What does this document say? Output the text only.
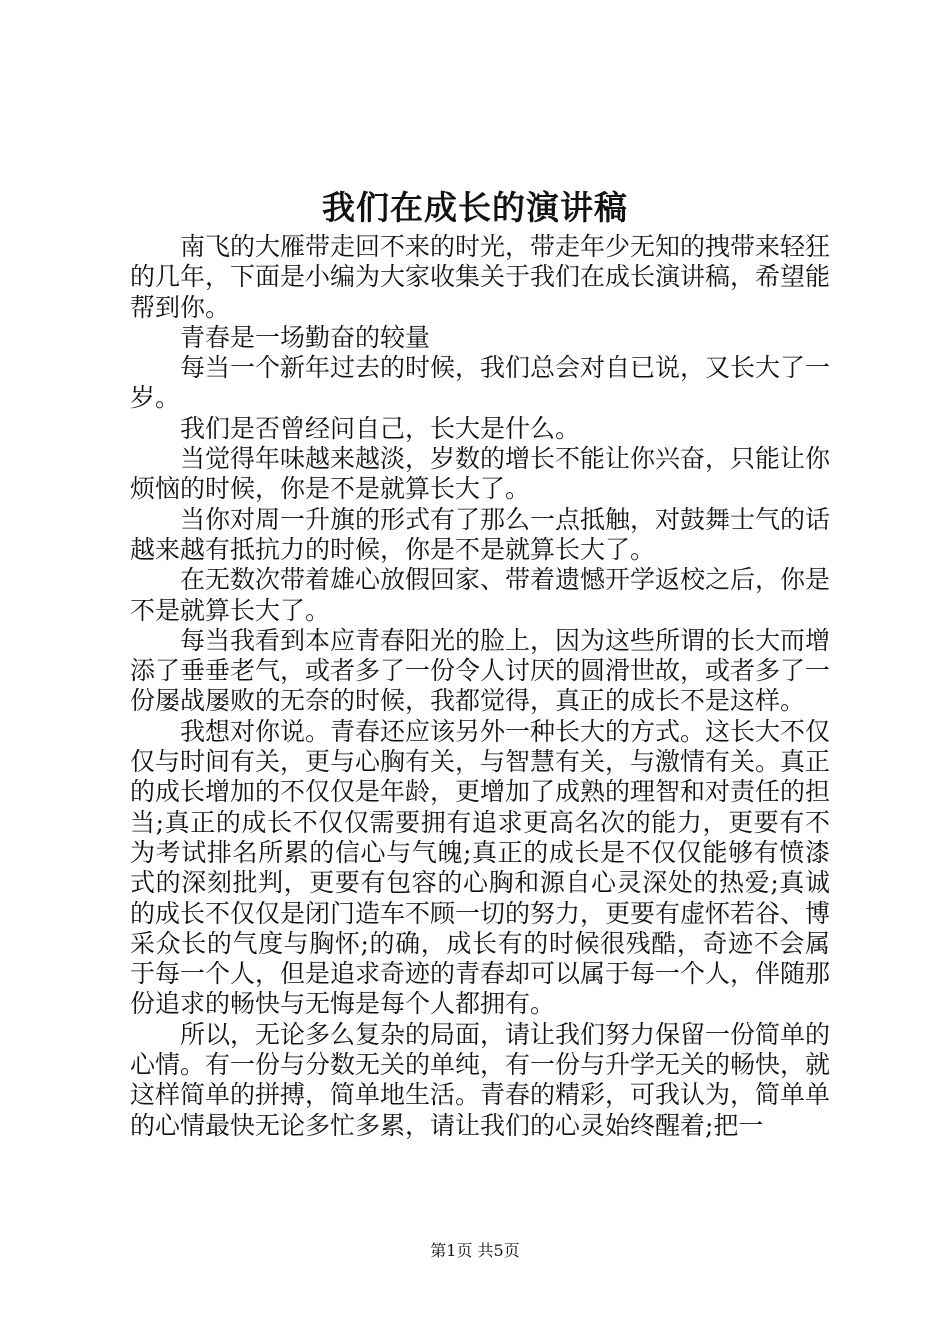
我们在成长的演讲稿

南飞的大雁带走回不来的时光，带走年少无知的拽带来轻狂的几年，下面是小编为大家收集关于我们在成长演讲稿，希望能帮到你。

青春是一场勤奋的较量

每当一个新年过去的时候，我们总会对自已说，又长大了一岁。

我们是否曾经问自己，长大是什么。

当觉得年味越来越淡，岁数的增长不能让你兴奋，只能让你烦恼的时候，你是不是就算长大了。

当你对周一升旗的形式有了那么一点抵触，对鼓舞士气的话越来越有抵抗力的时候，你是不是就算长大了。

在无数次带着雄心放假回家、带着遗憾开学返校之后，你是不是就算长大了。

每当我看到本应青春阳光的脸上，因为这些所谓的长大而增添了垂垂老气，或者多了一份令人讨厌的圆滑世故，或者多了一份屡战屡败的无奈的时候，我都觉得，真正的成长不是这样。

我想对你说。青春还应该另外一种长大的方式。这长大不仅仅与时间有关，更与心胸有关，与智慧有关，与激情有关。真正的成长增加的不仅仅是年龄，更增加了成熟的理智和对责任的担当;真正的成长不仅仅需要拥有追求更高名次的能力，更要有不为考试排名所累的信心与气魄;真正的成长是不仅仅能够有愤漆式的深刻批判，更要有包容的心胸和源自心灵深处的热爱;真诚的成长不仅仅是闭门造车不顾一切的努力，更要有虚怀若谷、博采众长的气度与胸怀;的确，成长有的时候很残酷，奇迹不会属于每一个人，但是追求奇迹的青春却可以属于每一个人，伴随那份追求的畅快与无悔是每个人都拥有。

所以，无论多么复杂的局面，请让我们努力保留一份简单的心情。有一份与分数无关的单纯，有一份与升学无关的畅快，就这样简单的拼搏，简单地生活。青春的精彩，可我认为，简单单的心情最快无论多忙多累，请让我们的心灵始终醒着;把一

第1页 共5页
